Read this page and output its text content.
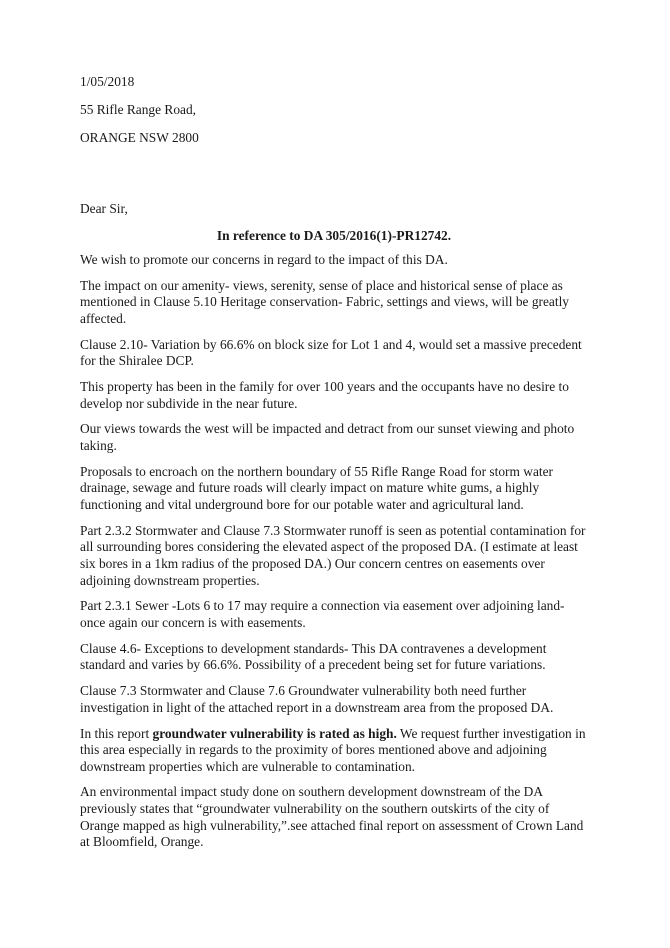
1/05/2018
55 Rifle Range Road,
ORANGE NSW 2800
Dear Sir,
In reference to DA 305/2016(1)-PR12742.

We wish to promote our concerns in regard to the impact of this DA.

The impact on our amenity- views, serenity, sense of place and historical sense of place as mentioned in Clause 5.10 Heritage conservation- Fabric, settings and views, will be greatly affected.

Clause 2.10- Variation by 66.6% on block size for Lot 1 and 4, would set a massive precedent for the Shiralee DCP.

This property has been in the family for over 100 years and the occupants have no desire to develop nor subdivide in the near future.

Our views towards the west will be impacted and detract from our sunset viewing and photo taking.

Proposals to encroach on the northern boundary of 55 Rifle Range Road for storm water drainage, sewage and future roads will clearly impact on mature white gums, a highly functioning and vital underground bore for our potable water and agricultural land.

Part 2.3.2 Stormwater and Clause 7.3 Stormwater runoff is seen as potential contamination for all surrounding bores considering the elevated aspect of the proposed DA. (I estimate at least six bores in a 1km radius of the proposed DA.) Our concern centres on easements over adjoining downstream properties.

Part 2.3.1 Sewer -Lots 6 to 17 may require a connection via easement over adjoining land- once again our concern is with easements.

Clause 4.6- Exceptions to development standards- This DA contravenes a development standard and varies by 66.6%. Possibility of a precedent being set for future variations.

Clause 7.3 Stormwater and Clause 7.6 Groundwater vulnerability both need further investigation in light of the attached report in a downstream area from the proposed DA.

In this report groundwater vulnerability is rated as high. We request further investigation in this area especially in regards to the proximity of bores mentioned above and adjoining downstream properties which are vulnerable to contamination.

An environmental impact study done on southern development downstream of the DA previously states that “groundwater vulnerability on the southern outskirts of the city of Orange mapped as high vulnerability,”.see attached final report on assessment of Crown Land at Bloomfield, Orange.
